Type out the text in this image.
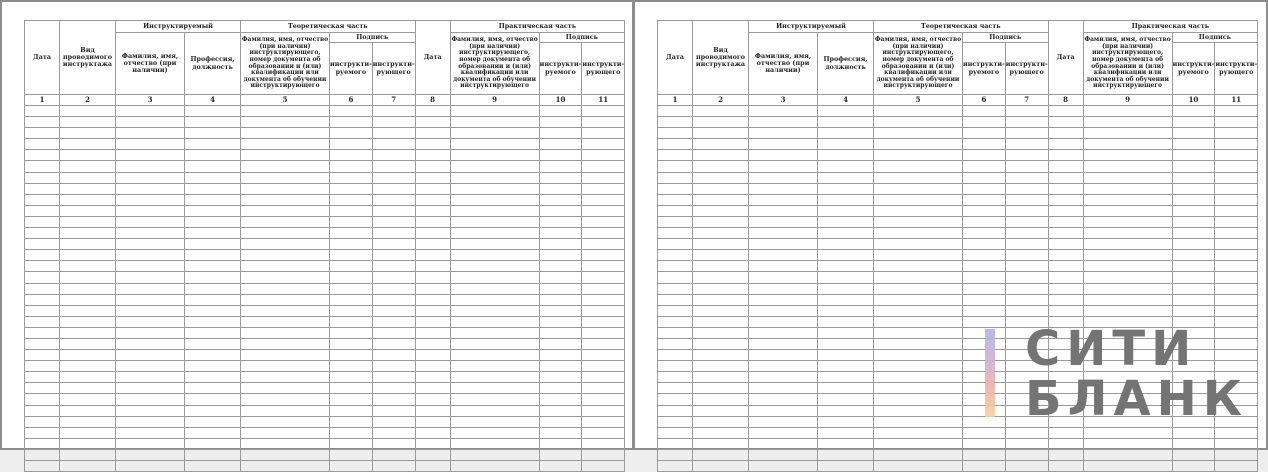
Дата	Вид проводимого инструктажа	Инструктируемый		Теоретическая часть			Дата	Практическая часть		
		Фамилия, имя, отчество (при наличии)	Профессия, должность	Фамилия, имя, отчество (при наличии) инструктирующего, номер документа об образовании и (или) квалификации или документа об обучении инструктирующего	Подпись			Фамилия, имя, отчество (при наличии) инструктирующего, номер документа об образовании и (или) квалификации или документа об обучении инструктирующего	Подпись	
					инструкти-руемого	инструкти-рующего			инструкти-руемого	инструкти-рующего
1	2	3	4	5	6	7	8	9	10	11

Дата	Вид проводимого инструктажа	Инструктируемый		Теоретическая часть			Дата	Практическая часть		
		Фамилия, имя, отчество (при наличии)	Профессия, должность	Фамилия, имя, отчество (при наличии) инструктирующего, номер документа об образовании и (или) квалификации или документа об обучении инструктирующего	Подпись			Фамилия, имя, отчество (при наличии) инструктирующего, номер документа об образовании и (или) квалификации или документа об обучении инструктирующего	Подпись	
					инструкти-руемого	инструкти-рующего			инструкти-руемого	инструкти-рующего
1	2	3	4	5	6	7	8	9	10	11

СИТИ
БЛАНК
